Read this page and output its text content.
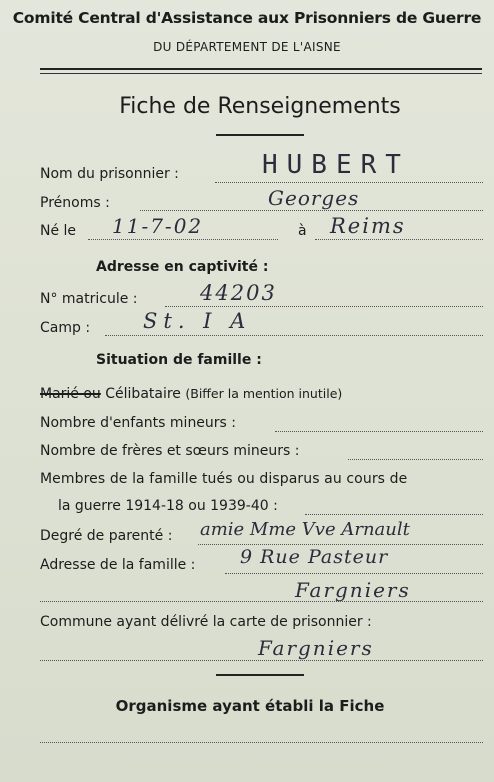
Comité Central d'Assistance aux Prisonniers de Guerre
DU DÉPARTEMENT DE L'AISNE
Fiche de Renseignements
Nom du prisonnier :	HUBERT
Prénoms :	Georges
Né le 11-7-02	à Reims
Adresse en captivité :
N° matricule :	44203
Camp :	St. I A
Situation de famille :
Marié ou Célibataire (Biffer la mention inutile)
Nombre d'enfants mineurs :
Nombre de frères et sœurs mineurs :
Membres de la famille tués ou disparus au cours de
la guerre 1914-18 ou 1939-40 :
Degré de parenté : amie Mme Vve Arnault
Adresse de la famille : 9 Rue Pasteur
Fargniers
Commune ayant délivré la carte de prisonnier :
Fargniers
Organisme ayant établi la Fiche
